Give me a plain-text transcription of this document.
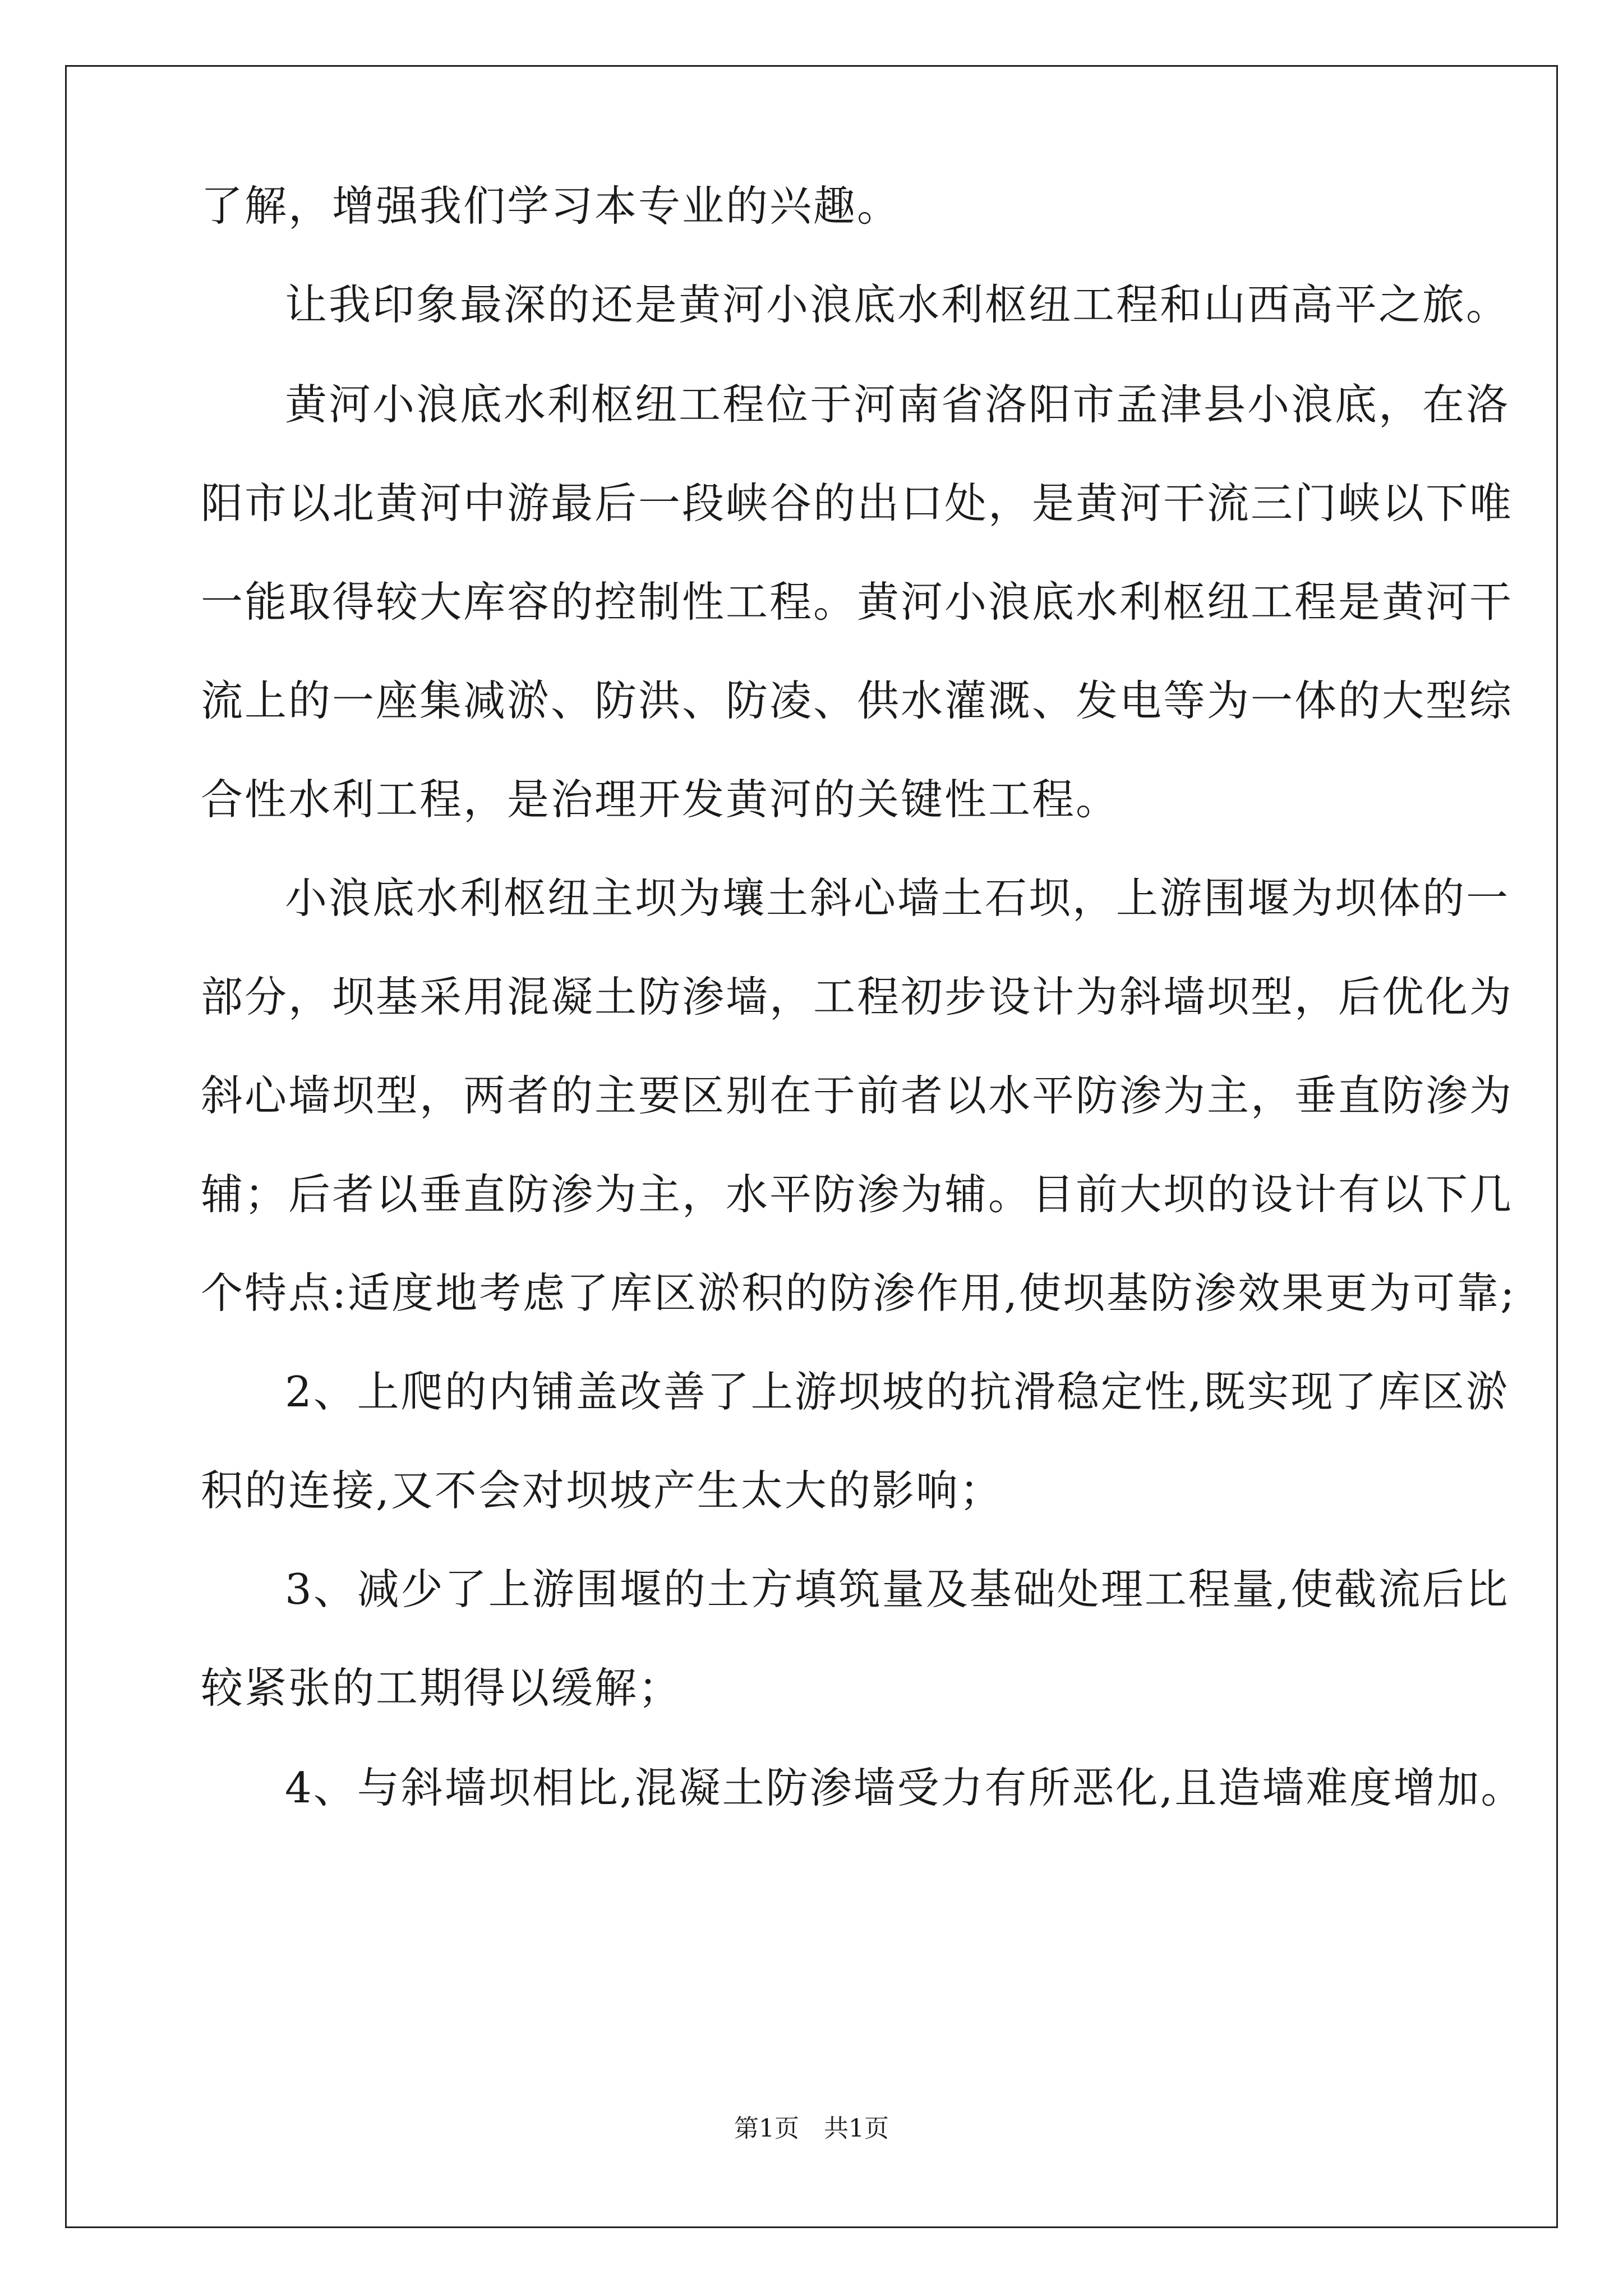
了解，增强我们学习本专业的兴趣。

让我印象最深的还是黄河小浪底水利枢纽工程和山西高平之旅。

黄河小浪底水利枢纽工程位于河南省洛阳市孟津县小浪底，在洛

阳市以北黄河中游最后一段峡谷的出口处，是黄河干流三门峡以下唯

一能取得较大库容的控制性工程。黄河小浪底水利枢纽工程是黄河干

流上的一座集减淤、防洪、防凌、供水灌溉、发电等为一体的大型综

合性水利工程，是治理开发黄河的关键性工程。

小浪底水利枢纽主坝为壤土斜心墙土石坝，上游围堰为坝体的一

部分，坝基采用混凝土防渗墙，工程初步设计为斜墙坝型，后优化为

斜心墙坝型，两者的主要区别在于前者以水平防渗为主，垂直防渗为

辅；后者以垂直防渗为主，水平防渗为辅。目前大坝的设计有以下几

个特点:适度地考虑了库区淤积的防渗作用,使坝基防渗效果更为可靠;

2、上爬的内铺盖改善了上游坝坡的抗滑稳定性,既实现了库区淤

积的连接,又不会对坝坡产生太大的影响；

3、减少了上游围堰的土方填筑量及基础处理工程量,使截流后比

较紧张的工期得以缓解；

4、与斜墙坝相比,混凝土防渗墙受力有所恶化,且造墙难度增加。

第1页　共1页
